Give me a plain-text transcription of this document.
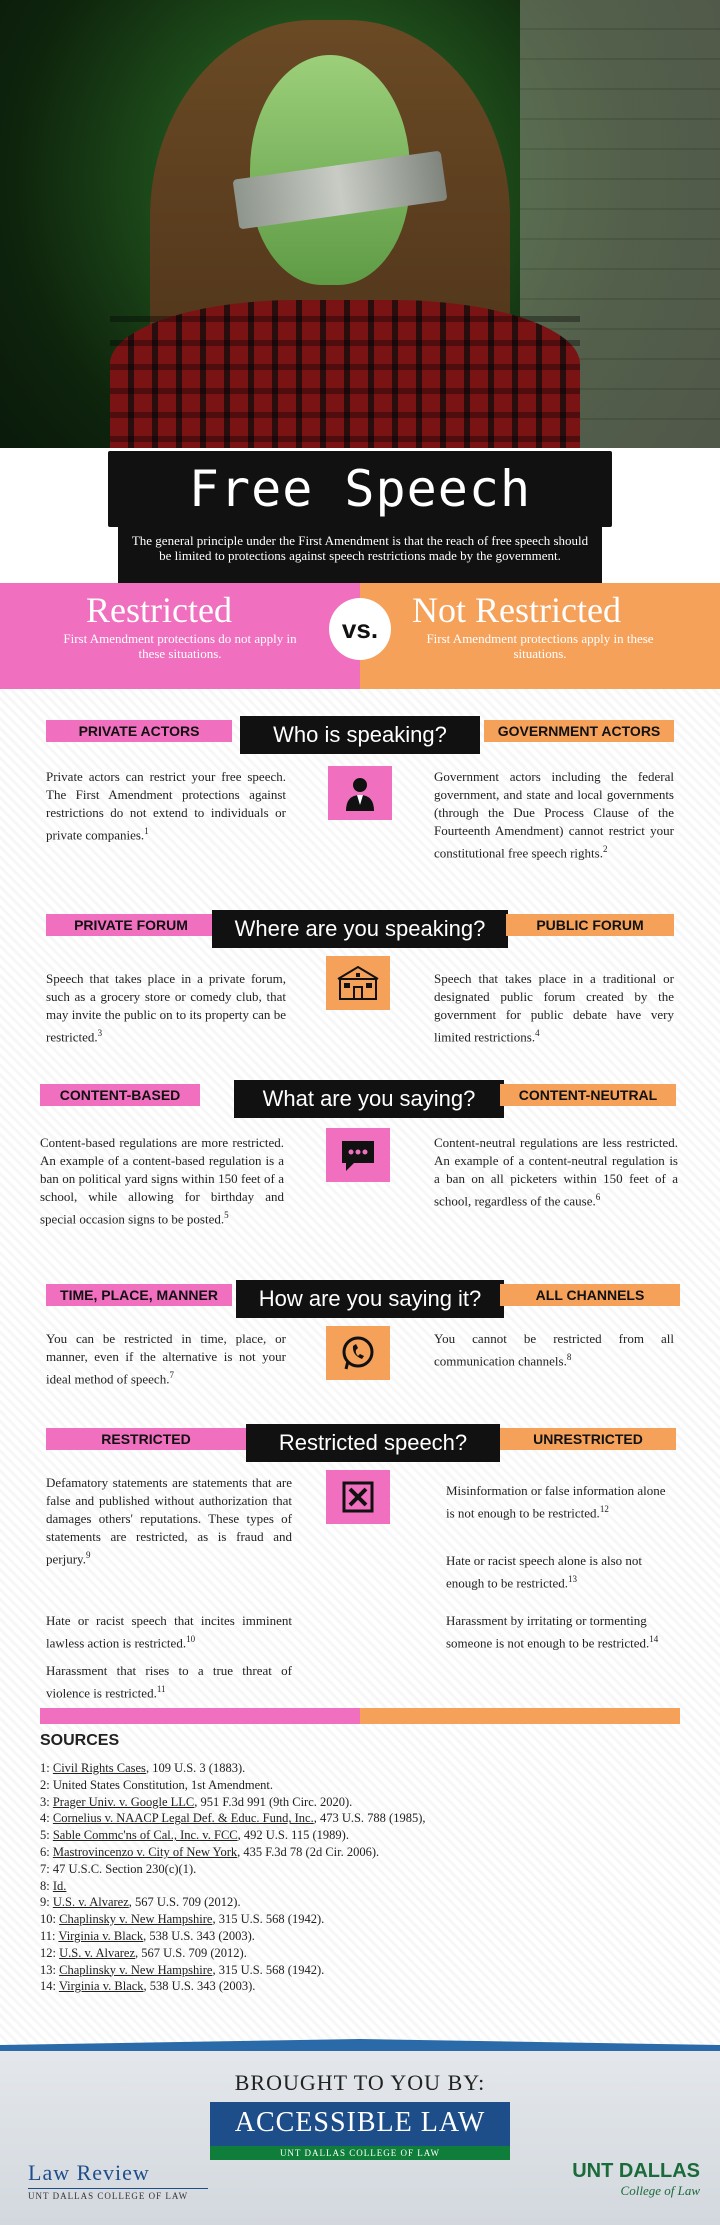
Free Speech
The general principle under the First Amendment is that the reach of free speech should be limited to protections against speech restrictions made by the government.
Restricted
First Amendment protections do not apply in these situations.
Not Restricted
First Amendment protections apply in these situations.
vs.
PRIVATE ACTORS	Who is speaking?	GOVERNMENT ACTORS
Private actors can restrict your free speech. The First Amendment protections against restrictions do not extend to individuals or private companies.$^1$
Government actors including the federal government, and state and local governments (through the Due Process Clause of the Fourteenth Amendment) cannot restrict your constitutional free speech rights.$^2$
PRIVATE FORUM	Where are you speaking?	PUBLIC FORUM
Speech that takes place in a private forum, such as a grocery store or comedy club, that may invite the public on to its property can be restricted.$^3$
Speech that takes place in a traditional or designated public forum created by the government for public debate have very limited restrictions.$^4$
CONTENT-BASED	What are you saying?	CONTENT-NEUTRAL
Content-based regulations are more restricted. An example of a content-based regulation is a ban on political yard signs within 150 feet of a school, while allowing for birthday and special occasion signs to be posted.$^5$
Content-neutral regulations are less restricted. An example of a content-neutral regulation is a ban on all picketers within 150 feet of a school, regardless of the cause.$^6$
TIME, PLACE, MANNER	How are you saying it?	ALL CHANNELS
You can be restricted in time, place, or manner, even if the alternative is not your ideal method of speech.$^7$
You cannot be restricted from all communication channels.$^8$
RESTRICTED	Restricted speech?	UNRESTRICTED
Defamatory statements are statements that are false and published without authorization that damages others' reputations. These types of statements are restricted, as is fraud and perjury.$^9$
Hate or racist speech that incites imminent lawless action is restricted.$^{10}$
Harassment that rises to a true threat of violence is restricted.$^{11}$
Misinformation or false information alone is not enough to be restricted.$^{12}$
Hate or racist speech alone is also not enough to be restricted.$^{13}$
Harassment by irritating or tormenting someone is not enough to be restricted.$^{14}$
SOURCES
1: Civil Rights Cases, 109 U.S. 3 (1883).
2: United States Constitution, 1st Amendment.
3: Prager Univ. v. Google LLC, 951 F.3d 991 (9th Circ. 2020).
4: Cornelius v. NAACP Legal Def. & Educ. Fund, Inc., 473 U.S. 788 (1985),
5: Sable Commc'ns of Cal., Inc. v. FCC, 492 U.S. 115 (1989).
6: Mastrovincenzo v. City of New York, 435 F.3d 78 (2d Cir. 2006).
7: 47 U.S.C. Section 230(c)(1).
8: Id.
9: U.S. v. Alvarez, 567 U.S. 709 (2012).
10: Chaplinsky v. New Hampshire, 315 U.S. 568 (1942).
11: Virginia v. Black, 538 U.S. 343 (2003).
12: U.S. v. Alvarez, 567 U.S. 709 (2012).
13: Chaplinsky v. New Hampshire, 315 U.S. 568 (1942).
14: Virginia v. Black, 538 U.S. 343 (2003).
BROUGHT TO YOU BY:
ACCESSIBLE LAW
UNT DALLAS COLLEGE OF LAW
Law Review
UNT DALLAS COLLEGE OF LAW
UNT DALLAS
College of Law
